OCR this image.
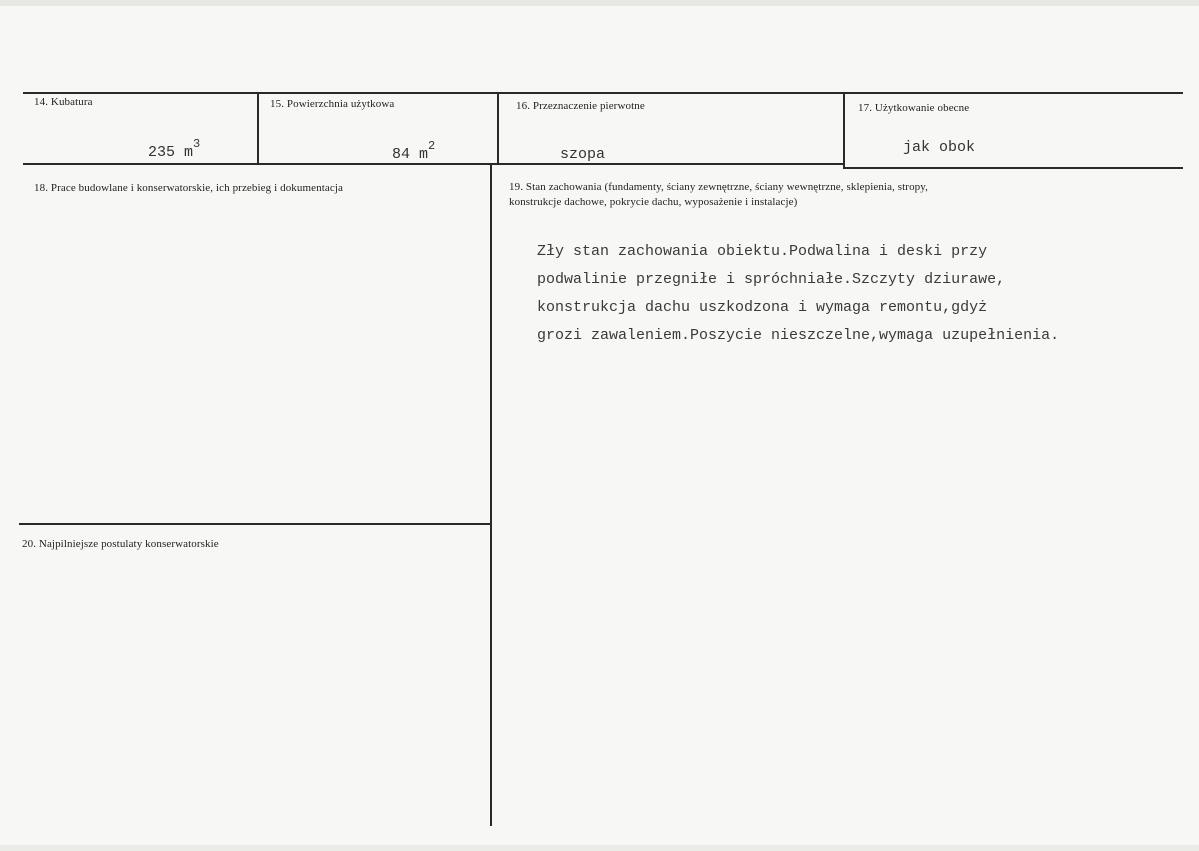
14. Kubatura
235 $m^3$
15. Powierzchnia użytkowa
84 $m^2$
16. Przeznaczenie pierwotne
szopa
17. Użytkowanie obecne
jak obok
18. Prace budowlane i konserwatorskie, ich przebieg i dokumentacja	19. Stan zachowania (fundamenty, ściany zewnętrzne, ściany wewnętrzne, sklepienia, stropy,
konstrukcje dachowe, pokrycie dachu, wyposażenie i instalacje)
Zły stan zachowania obiektu.Podwalina i deski przy
podwalinie przegniłe i spróchniałe.Szczyty dziurawe,
konstrukcja dachu uszkodzona i wymaga remontu,gdyż
grozi zawaleniem.Poszycie nieszczelne,wymaga uzupełnienia.
20. Najpilniejsze postulaty konserwatorskie
